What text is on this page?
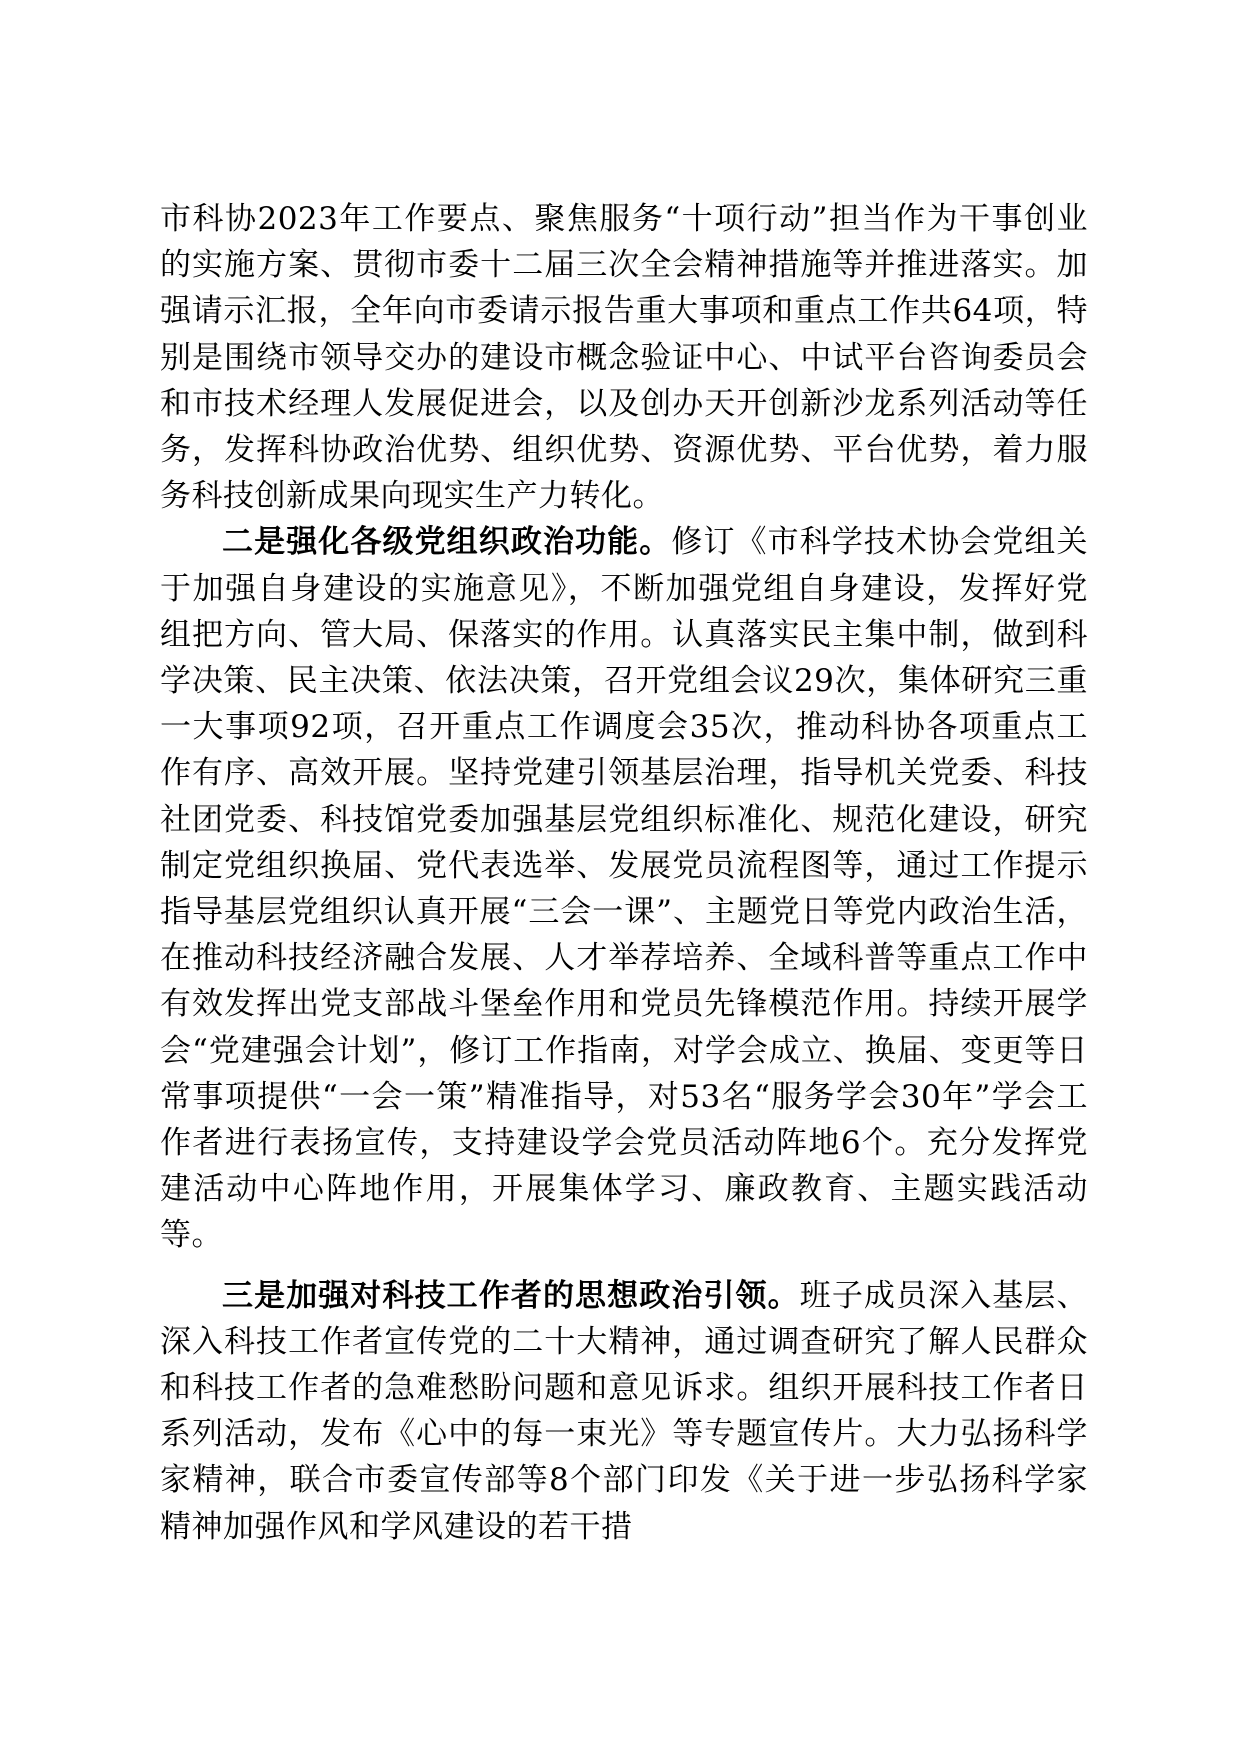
市科协2023年工作要点、聚焦服务“十项行动”担当作为干事创业的实施方案、贯彻市委十二届三次全会精神措施等并推进落实。加强请示汇报，全年向市委请示报告重大事项和重点工作共64项，特别是围绕市领导交办的建设市概念验证中心、中试平台咨询委员会和市技术经理人发展促进会，以及创办天开创新沙龙系列活动等任务，发挥科协政治优势、组织优势、资源优势、平台优势，着力服务科技创新成果向现实生产力转化。

二是强化各级党组织政治功能。修订《市科学技术协会党组关于加强自身建设的实施意见》，不断加强党组自身建设，发挥好党组把方向、管大局、保落实的作用。认真落实民主集中制，做到科学决策、民主决策、依法决策，召开党组会议29次，集体研究三重一大事项92项，召开重点工作调度会35次，推动科协各项重点工作有序、高效开展。坚持党建引领基层治理，指导机关党委、科技社团党委、科技馆党委加强基层党组织标准化、规范化建设，研究制定党组织换届、党代表选举、发展党员流程图等，通过工作提示指导基层党组织认真开展“三会一课”、主题党日等党内政治生活，在推动科技经济融合发展、人才举荐培养、全域科普等重点工作中有效发挥出党支部战斗堡垒作用和党员先锋模范作用。持续开展学会“党建强会计划”，修订工作指南，对学会成立、换届、变更等日常事项提供“一会一策”精准指导，对53名“服务学会30年”学会工作者进行表扬宣传，支持建设学会党员活动阵地6个。充分发挥党建活动中心阵地作用，开展集体学习、廉政教育、主题实践活动等。

三是加强对科技工作者的思想政治引领。班子成员深入基层、深入科技工作者宣传党的二十大精神，通过调查研究了解人民群众和科技工作者的急难愁盼问题和意见诉求。组织开展科技工作者日系列活动，发布《心中的每一束光》等专题宣传片。大力弘扬科学家精神，联合市委宣传部等8个部门印发《关于进一步弘扬科学家精神加强作风和学风建设的若干措
